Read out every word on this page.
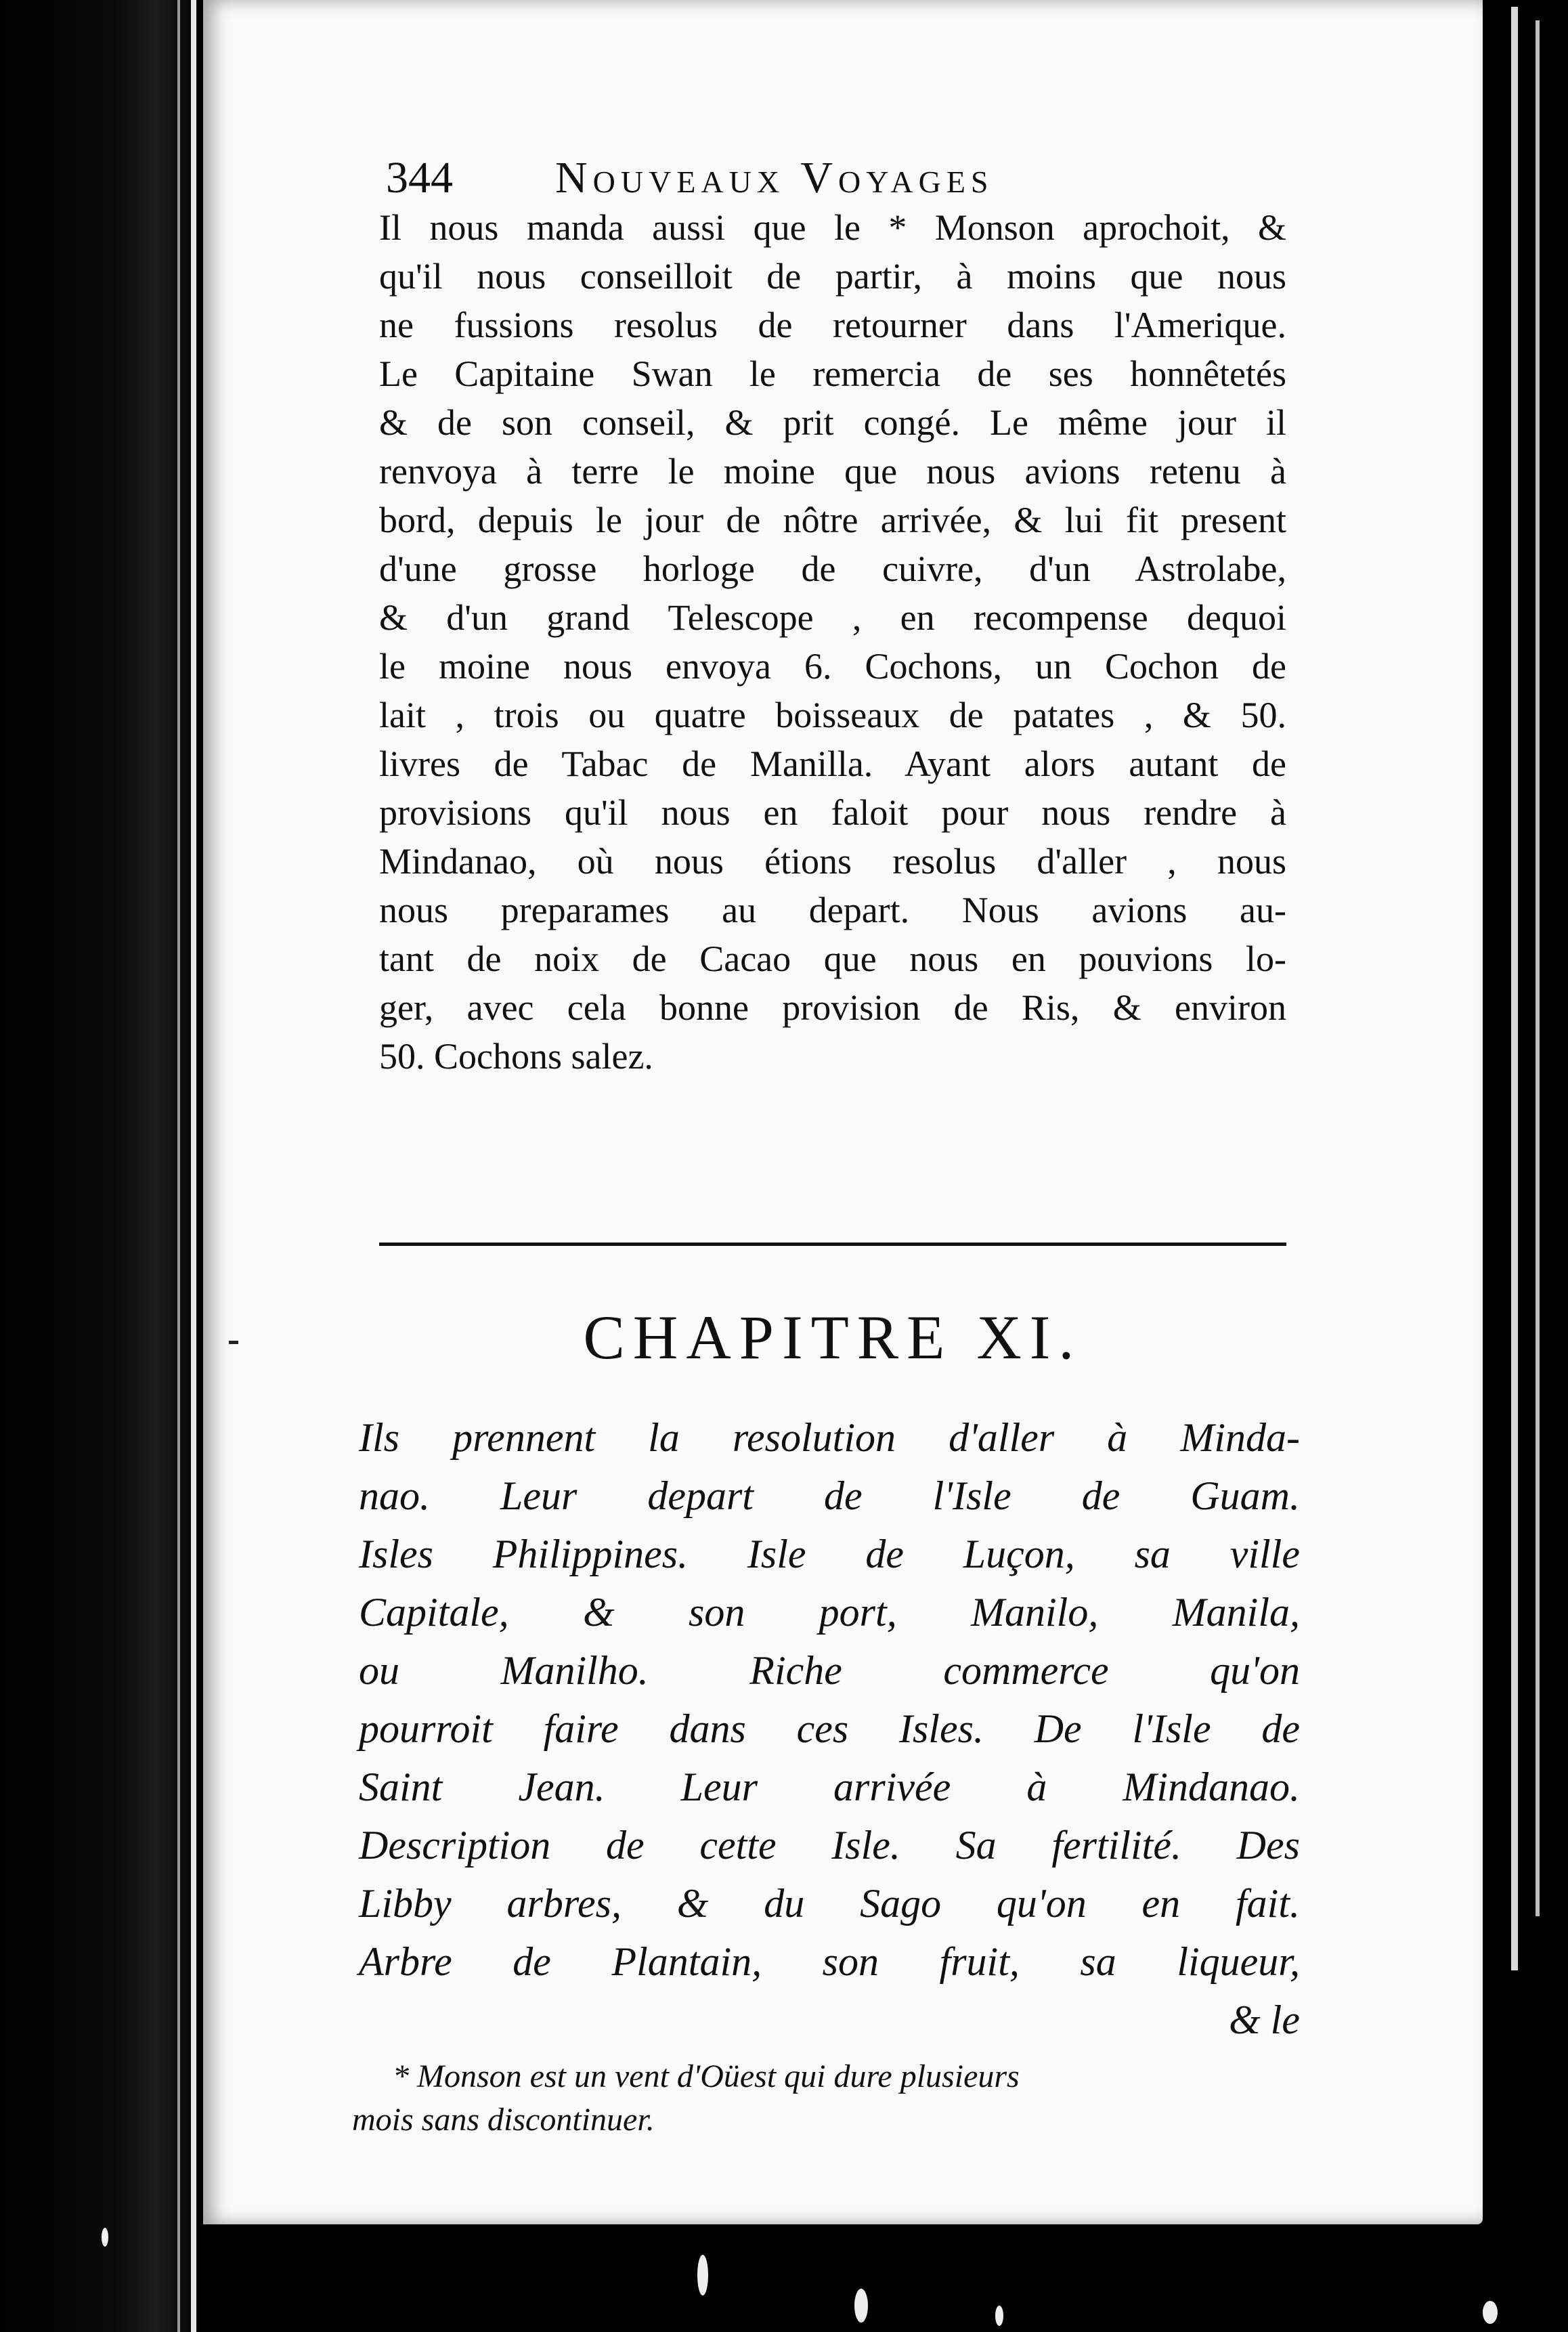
344 Nouveaux Voyages
Il nous manda aussi que le * Monson aprochoit, &
qu'il nous conseilloit de partir, à moins que nous
ne fussions resolus de retourner dans l'Amerique.
Le Capitaine Swan le remercia de ses honnêtetés
& de son conseil, & prit congé. Le même jour il
renvoya à terre le moine que nous avions retenu à
bord, depuis le jour de nôtre arrivée, & lui fit present
d'une grosse horloge de cuivre, d'un Astrolabe,
& d'un grand Telescope , en recompense dequoi
le moine nous envoya 6. Cochons, un Cochon de
lait , trois ou quatre boisseaux de patates , & 50.
livres de Tabac de Manilla. Ayant alors autant de
provisions qu'il nous en faloit pour nous rendre à
Mindanao, où nous étions resolus d'aller , nous
nous preparames au depart. Nous avions au-
tant de noix de Cacao que nous en pouvions lo-
ger, avec cela bonne provision de Ris, & environ
50. Cochons salez.
CHAPITRE XI.
Ils prennent la resolution d'aller à Minda-
nao. Leur depart de l'Isle de Guam.
Isles Philippines. Isle de Luçon, sa ville
Capitale, & son port, Manilo, Manila,
ou Manilho. Riche commerce qu'on
pourroit faire dans ces Isles. De l'Isle de
Saint Jean. Leur arrivée à Mindanao.
Description de cette Isle. Sa fertilité. Des
Libby arbres, & du Sago qu'on en fait.
Arbre de Plantain, son fruit, sa liqueur,
& le
* Monson est un vent d'Oüest qui dure plusieurs
mois sans discontinuer.
